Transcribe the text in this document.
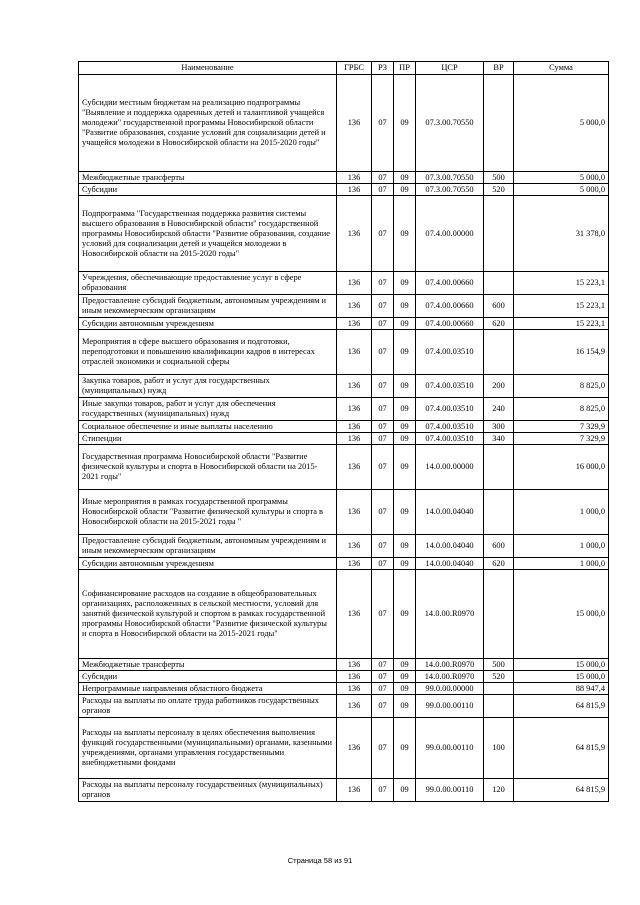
Наименование	ГРБС	РЗ	ПР	ЦСР	ВР	Сумма
Субсидии местным бюджетам на реализацию подпрограммы "Выявление и поддержка одаренных детей и талантливой учащейся молодежи" государственной программы Новосибирской области "Развитие образования, создание условий для социализации детей и учащейся молодежи в Новосибирской области на 2015-2020 годы"	136	07	09	07.3.00.70550		5 000,0
Межбюджетные трансферты	136	07	09	07.3.00.70550	500	5 000,0
Субсидии	136	07	09	07.3.00.70550	520	5 000,0
Подпрограмма "Государственная поддержка развития системы высшего образования в Новосибирской области" государственной программы Новосибирской области "Развитие образования, создание условий для социализации детей и учащейся молодежи в Новосибирской области на 2015-2020 годы"	136	07	09	07.4.00.00000		31 378,0
Учреждения, обеспечивающие предоставление услуг в сфере образования	136	07	09	07.4.00.00660		15 223,1
Предоставление субсидий бюджетным, автономным учреждениям и иным некоммерческим организациям	136	07	09	07.4.00.00660	600	15 223,1
Субсидии автономным учреждениям	136	07	09	07.4.00.00660	620	15 223,1
Мероприятия в сфере высшего образования и подготовки, переподготовки и повышению квалификации кадров в интересах отраслей экономики и социальной сферы	136	07	09	07.4.00.03510		16 154,9
Закупка товаров, работ и услуг для государственных (муниципальных) нужд	136	07	09	07.4.00.03510	200	8 825,0
Иные закупки товаров, работ и услуг для обеспечения государственных (муниципальных) нужд	136	07	09	07.4.00.03510	240	8 825,0
Социальное обеспечение и иные выплаты населению	136	07	09	07.4.00.03510	300	7 329,9
Стипендии	136	07	09	07.4.00.03510	340	7 329,9
Государственная программа Новосибирской области "Развитие физической культуры и спорта в Новосибирской области на 2015-2021 годы"	136	07	09	14.0.00.00000		16 000,0
Иные мероприятия в рамках государственной программы Новосибирской области "Развитие физической культуры и спорта в Новосибирской области на 2015-2021 годы "	136	07	09	14.0.00.04040		1 000,0
Предоставление субсидий бюджетным, автономным учреждениям и иным некоммерческим организациям	136	07	09	14.0.00.04040	600	1 000,0
Субсидии автономным учреждениям	136	07	09	14.0.00.04040	620	1 000,0
Софинансирование расходов на создание в общеобразовательных организациях, расположенных в сельской местности, условий для занятий физической культурой и спортом в рамках государственной программы Новосибирской области "Развитие физической культуры и спорта в Новосибирской области на 2015-2021 годы"	136	07	09	14.0.00.R0970		15 000,0
Межбюджетные трансферты	136	07	09	14.0.00.R0970	500	15 000,0
Субсидии	136	07	09	14.0.00.R0970	520	15 000,0
Непрограммные направления областного бюджета	136	07	09	99.0.00.00000		88 947,4
Расходы на выплаты по оплате труда работников государственных органов	136	07	09	99.0.00.00110		64 815,9
Расходы на выплаты персоналу в целях обеспечения выполнения функций государственными (муниципальными) органами, казенными учреждениями, органами управления государственными внебюджетными фондами	136	07	09	99.0.00.00110	100	64 815,9
Расходы на выплаты персоналу государственных (муниципальных) органов	136	07	09	99.0.00.00110	120	64 815,9
Страница 58 из 91
